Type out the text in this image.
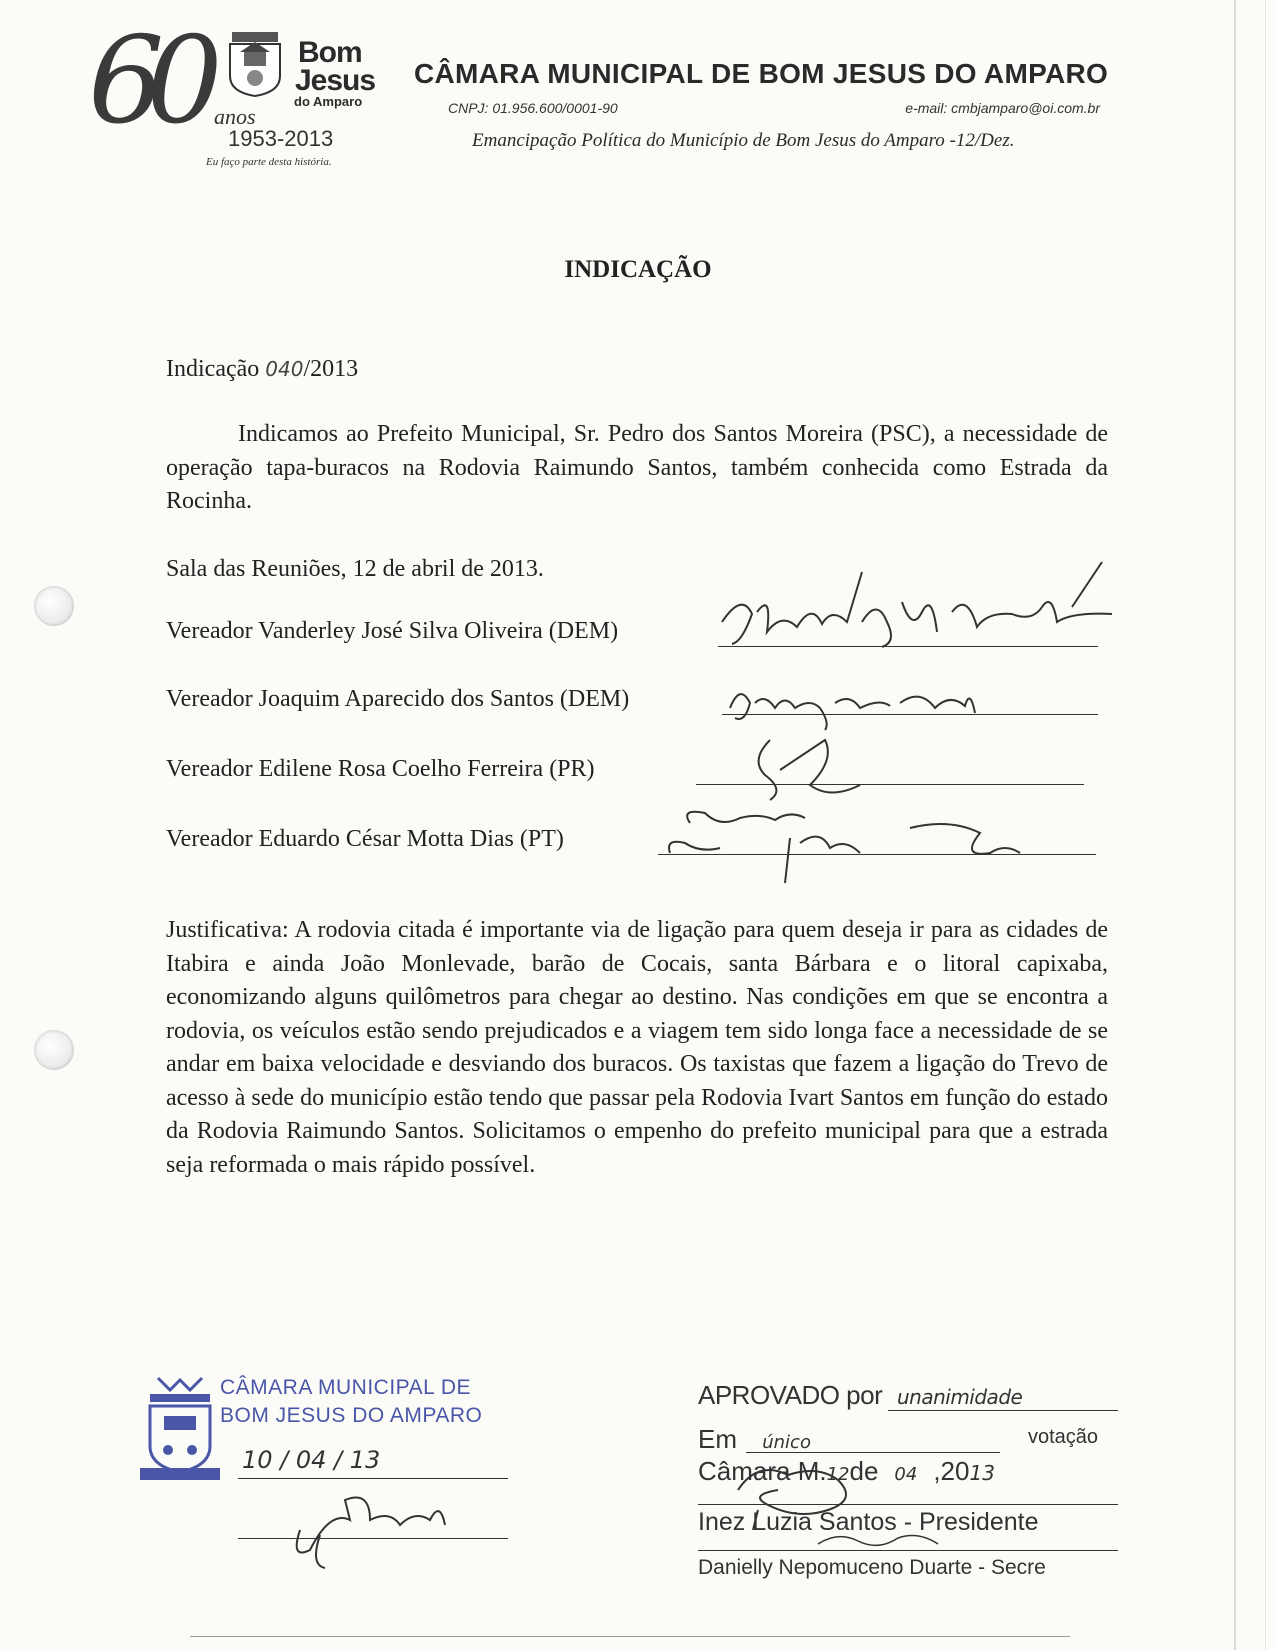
60	Bom
Jesus
do Amparo
anos
1953-2013
Eu faço parte desta história.
CÂMARA MUNICIPAL DE BOM JESUS DO AMPARO
CNPJ: 01.956.600/0001-90	e-mail: cmbjamparo@oi.com.br
Emancipação Política do Município de Bom Jesus do Amparo -12/Dez.
INDICAÇÃO
Indicação 040/2013
Indicamos ao Prefeito Municipal, Sr. Pedro dos Santos Moreira (PSC), a necessidade de operação tapa-buracos na Rodovia Raimundo Santos, também conhecida como Estrada da Rocinha.
Sala das Reuniões, 12 de abril de 2013.
Vereador Vanderley José Silva Oliveira (DEM)
Vereador Joaquim Aparecido dos Santos (DEM)
Vereador Edilene Rosa Coelho Ferreira (PR)
Vereador Eduardo César Motta Dias (PT)
Justificativa: A rodovia citada é importante via de ligação para quem deseja ir para as cidades de Itabira e ainda João Monlevade, barão de Cocais, santa Bárbara e o litoral capixaba, economizando alguns quilômetros para chegar ao destino. Nas condições em que se encontra a rodovia, os veículos estão sendo prejudicados e a viagem tem sido longa face a necessidade de se andar em baixa velocidade e desviando dos buracos. Os taxistas que fazem a ligação do Trevo de acesso à sede do município estão tendo que passar pela Rodovia Ivart Santos em função do estado da Rodovia Raimundo Santos. Solicitamos o empenho do prefeito municipal para que a estrada seja reformada o mais rápido possível.
CÂMARA MUNICIPAL DE
BOM JESUS DO AMPARO
10 / 04 / 13
APROVADO por unanimidade
Em único	votação
Câmara M.12de 04 ,2013
Inez Luzia Santos - Presidente
Danielly Nepomuceno Duarte - Secre
